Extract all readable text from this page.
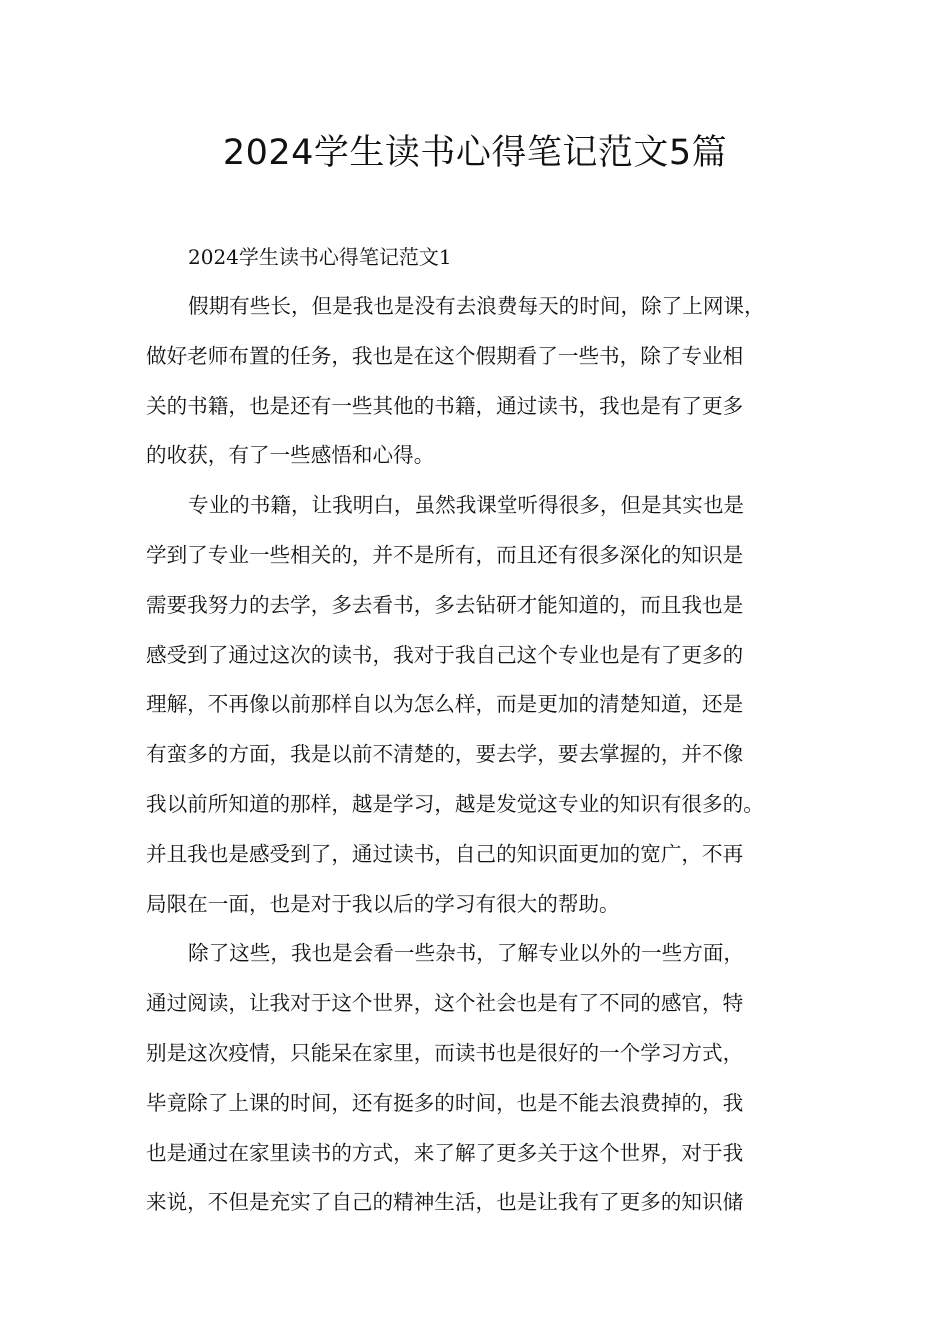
2024学生读书心得笔记范文5篇
2024学生读书心得笔记范文1
假期有些长，但是我也是没有去浪费每天的时间，除了上网课，
做好老师布置的任务，我也是在这个假期看了一些书，除了专业相
关的书籍，也是还有一些其他的书籍，通过读书，我也是有了更多
的收获，有了一些感悟和心得。
专业的书籍，让我明白，虽然我课堂听得很多，但是其实也是
学到了专业一些相关的，并不是所有，而且还有很多深化的知识是
需要我努力的去学，多去看书，多去钻研才能知道的，而且我也是
感受到了通过这次的读书，我对于我自己这个专业也是有了更多的
理解，不再像以前那样自以为怎么样，而是更加的清楚知道，还是
有蛮多的方面，我是以前不清楚的，要去学，要去掌握的，并不像
我以前所知道的那样，越是学习，越是发觉这专业的知识有很多的。
并且我也是感受到了，通过读书，自己的知识面更加的宽广，不再
局限在一面，也是对于我以后的学习有很大的帮助。
除了这些，我也是会看一些杂书，了解专业以外的一些方面，
通过阅读，让我对于这个世界，这个社会也是有了不同的感官，特
别是这次疫情，只能呆在家里，而读书也是很好的一个学习方式，
毕竟除了上课的时间，还有挺多的时间，也是不能去浪费掉的，我
也是通过在家里读书的方式，来了解了更多关于这个世界，对于我
来说，不但是充实了自己的精神生活，也是让我有了更多的知识储
